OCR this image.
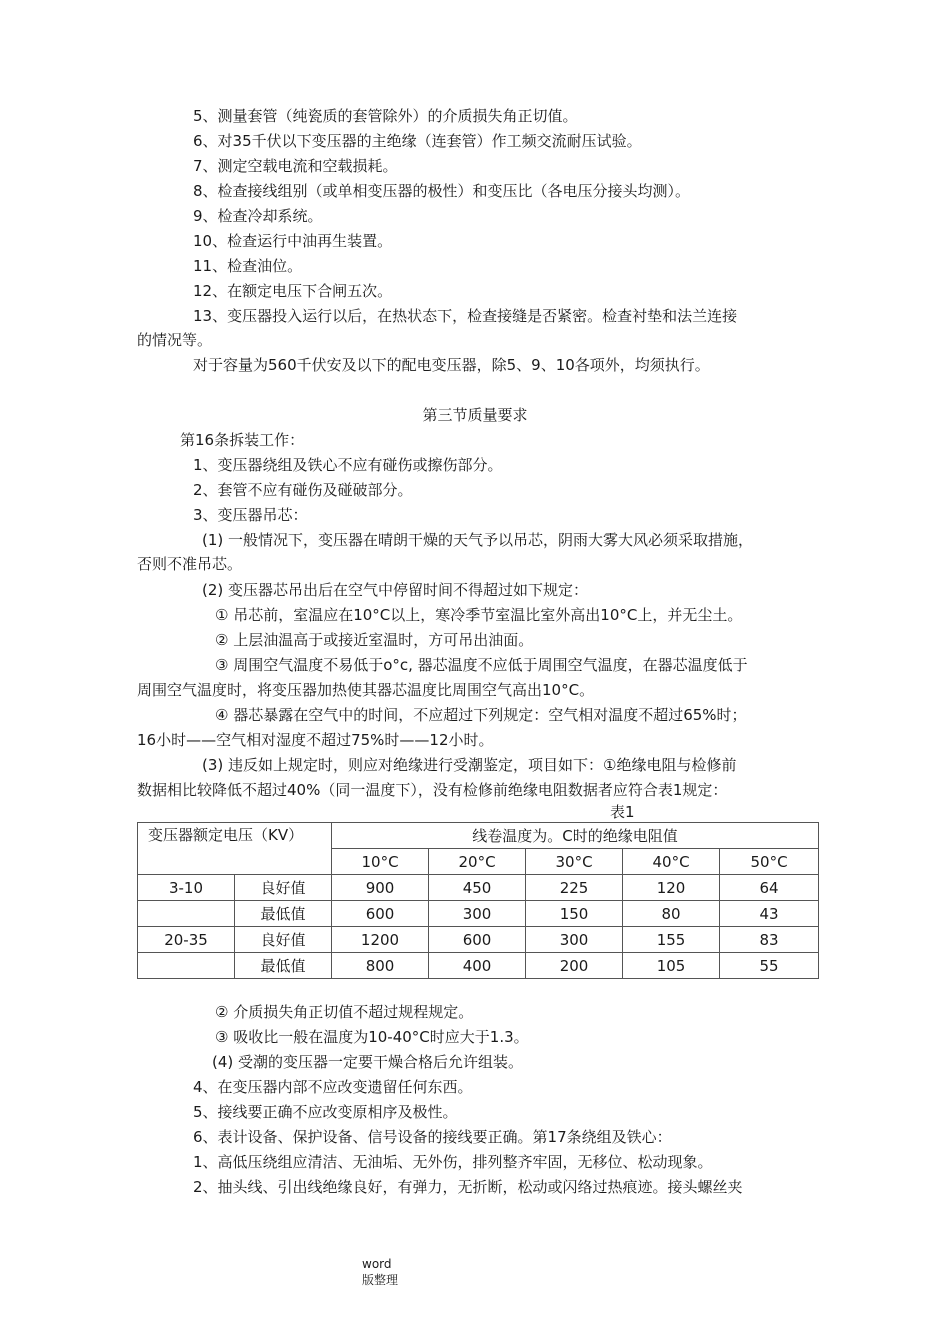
5、测量套管（纯瓷质的套管除外）的介质损失角正切值。
6、对35千伏以下变压器的主绝缘（连套管）作工频交流耐压试验。
7、测定空载电流和空载损耗。
8、检查接线组别（或单相变压器的极性）和变压比（各电压分接头均测）。
9、检查冷却系统。
10、检查运行中油再生装置。
11、检查油位。
12、在额定电压下合闸五次。
13、变压器投入运行以后，在热状态下，检查接缝是否紧密。检查衬垫和法兰连接
的情况等。
对于容量为560千伏安及以下的配电变压器，除5、9、10各项外，均须执行。
第三节质量要求
第16条拆装工作：
1、变压器绕组及铁心不应有碰伤或擦伤部分。
2、套管不应有碰伤及碰破部分。
3、变压器吊芯：
(1) 一般情况下，变压器在晴朗干燥的天气予以吊芯，阴雨大雾大风必须采取措施，
否则不准吊芯。
(2) 变压器芯吊出后在空气中停留时间不得超过如下规定：
① 吊芯前，室温应在10°C以上，寒冷季节室温比室外高出10°C上，并无尘土。
② 上层油温高于或接近室温时，方可吊出油面。
③ 周围空气温度不易低于o°c, 器芯温度不应低于周围空气温度，在器芯温度低于
周围空气温度时，将变压器加热使其器芯温度比周围空气高出10°C。
④ 器芯暴露在空气中的时间，不应超过下列规定：空气相对温度不超过65%时；
16小时——空气相对湿度不超过75%时——12小时。
(3) 违反如上规定时，则应对绝缘进行受潮鉴定，项目如下：①绝缘电阻与检修前
数据相比较降低不超过40%（同一温度下），没有检修前绝缘电阻数据者应符合表1规定：
表1
变压器额定电压（KV）		线卷温度为。C时的绝缘电阻值				
		10°C	20°C	30°C	40°C	50°C
3-10	良好值	900	450	225	120	64
	最低值	600	300	150	80	43
20-35	良好值	1200	600	300	155	83
	最低值	800	400	200	105	55
② 介质损失角正切值不超过规程规定。
③ 吸收比一般在温度为10-40°C时应大于1.3。
(4) 受潮的变压器一定要干燥合格后允许组装。
4、在变压器内部不应改变遗留任何东西。
5、接线要正确不应改变原相序及极性。
6、表计设备、保护设备、信号设备的接线要正确。第17条绕组及铁心：
1、高低压绕组应清洁、无油垢、无外伤，排列整齐牢固，无移位、松动现象。
2、抽头线、引出线绝缘良好，有弹力，无折断，松动或闪络过热痕迹。接头螺丝夹
word
版整理
